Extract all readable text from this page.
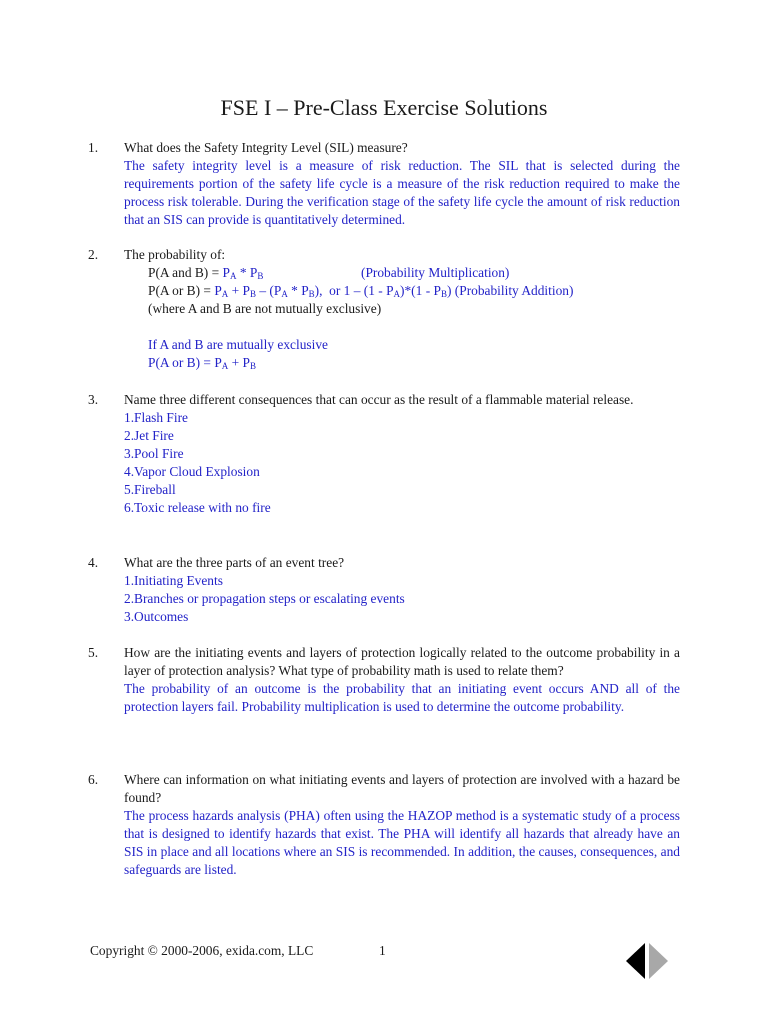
FSE I – Pre-Class Exercise Solutions
1.	What does the Safety Integrity Level (SIL) measure?
The safety integrity level is a measure of risk reduction. The SIL that is selected during the requirements portion of the safety life cycle is a measure of the risk reduction required to make the process risk tolerable. During the verification stage of the safety life cycle the amount of risk reduction that an SIS can provide is quantitatively determined.
2.	The probability of:
P(A and $B) = P_A * P_B$	(Probability Multiplication)
P(A or $B) = P_A + P_B - (P_A * P_B)$,  or $1 - (1 - P_A)*(1 - P_B)$ (Probability Addition)
(where A and B are not mutually exclusive)
If A and B are mutually exclusive
P(A or $B) = P_A + P_B$
3.	Name three different consequences that can occur as the result of a flammable material release.
1.Flash Fire
2.Jet Fire
3.Pool Fire
4.Vapor Cloud Explosion
5.Fireball
6.Toxic release with no fire
4.	What are the three parts of an event tree?
1.Initiating Events
2.Branches or propagation steps or escalating events
3.Outcomes
5.	How are the initiating events and layers of protection logically related to the outcome probability in a layer of protection analysis? What type of probability math is used to relate them?
The probability of an outcome is the probability that an initiating event occurs AND all of the protection layers fail. Probability multiplication is used to determine the outcome probability.
6.	Where can information on what initiating events and layers of protection are involved with a hazard be found?
The process hazards analysis (PHA) often using the HAZOP method is a systematic study of a process that is designed to identify hazards that exist. The PHA will identify all hazards that already have an SIS in place and all locations where an SIS is recommended. In addition, the causes, consequences, and safeguards are listed.
Copyright © 2000-2006, exida.com, LLC	1
